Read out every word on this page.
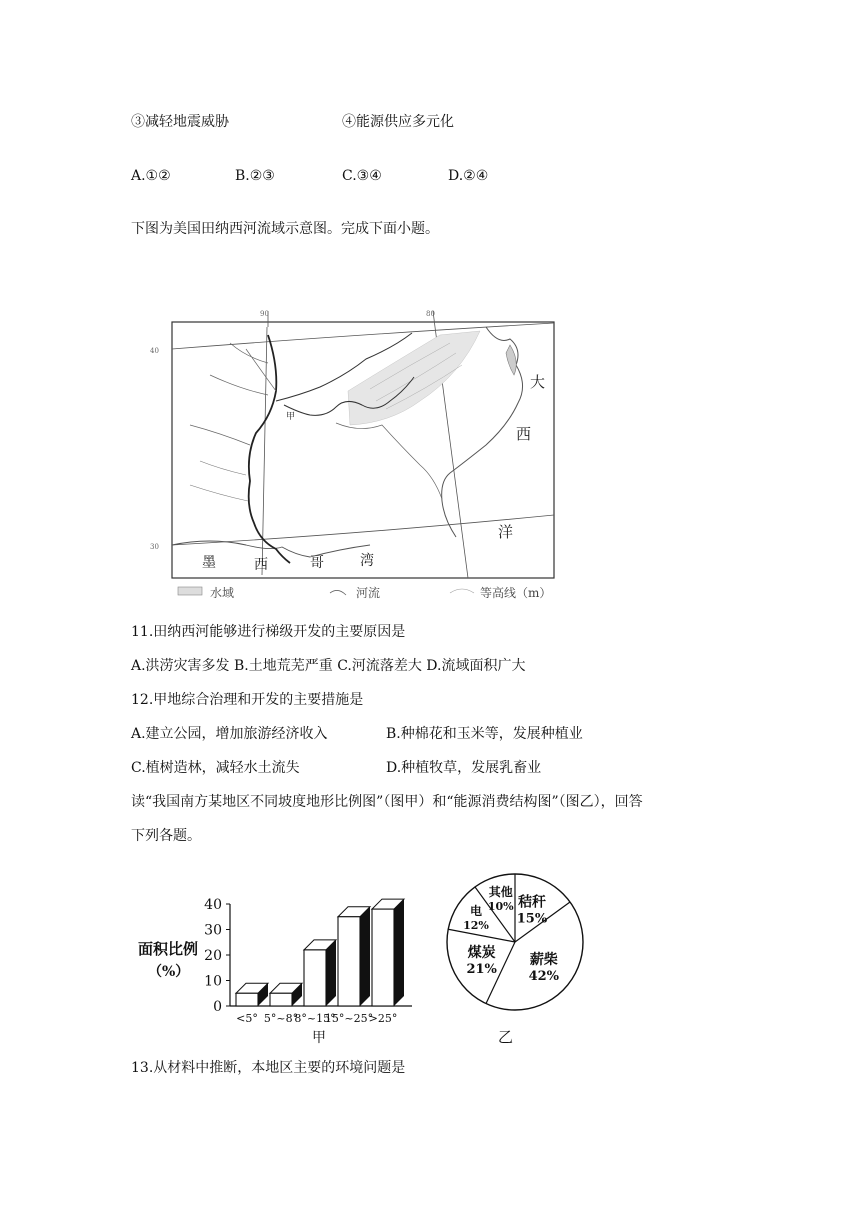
③减轻地震威胁	④能源供应多元化
A.①②	B.②③	C.③④	D.②④
下图为美国田纳西河流域示意图。完成下面小题。
90	80
40
30
甲
大
西
洋
墨	西	哥	湾
水域	河流	等高线（m）
11.田纳西河能够进行梯级开发的主要原因是
A.洪涝灾害多发 B.土地荒芜严重 C.河流落差大 D.流域面积广大
12.甲地综合治理和开发的主要措施是
A.建立公园，增加旅游经济收入	B.种棉花和玉米等，发展种植业
C.植树造林，减轻水土流失	D.种植牧草，发展乳畜业
读“我国南方某地区不同坡度地形比例图”（图甲）和“能源消费结构图”（图乙），回答
下列各题。
面积比例
（%）
0
10
20
30
40
<5° 5°~8°
8°~15°
15°~25°
>25°
甲
秸秆
15%
薪柴
42%
煤炭
21%
电
12%
其他
10%
乙
13.从材料中推断，本地区主要的环境问题是
